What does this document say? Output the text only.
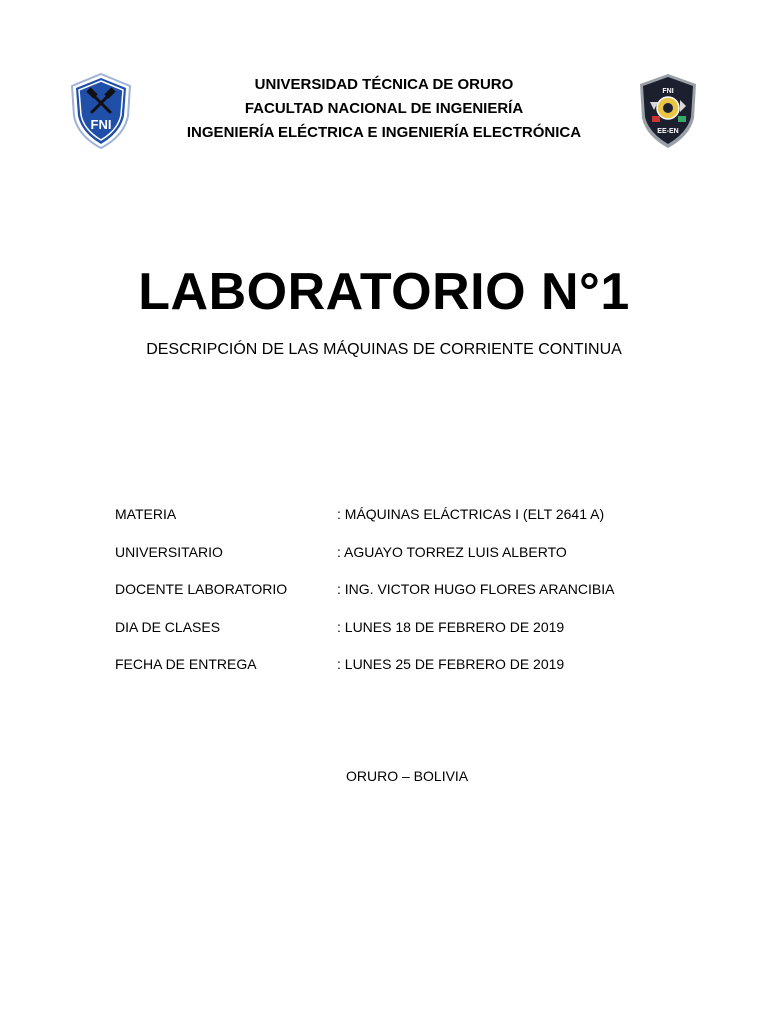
FNI
UNIVERSIDAD TÉCNICA DE ORURO
FACULTAD NACIONAL DE INGENIERÍA
INGENIERÍA ELÉCTRICA E INGENIERÍA ELECTRÓNICA
FNI
EE-EN
LABORATORIO N°1
DESCRIPCIÓN DE LAS MÁQUINAS DE CORRIENTE CONTINUA
MATERIA	: MÁQUINAS ELÁCTRICAS I (ELT 2641 A)
UNIVERSITARIO	: AGUAYO TORREZ LUIS ALBERTO
DOCENTE LABORATORIO	: ING. VICTOR HUGO FLORES ARANCIBIA
DIA DE CLASES	: LUNES 18 DE FEBRERO DE 2019
FECHA DE ENTREGA	: LUNES 25 DE FEBRERO DE 2019
ORURO – BOLIVIA
